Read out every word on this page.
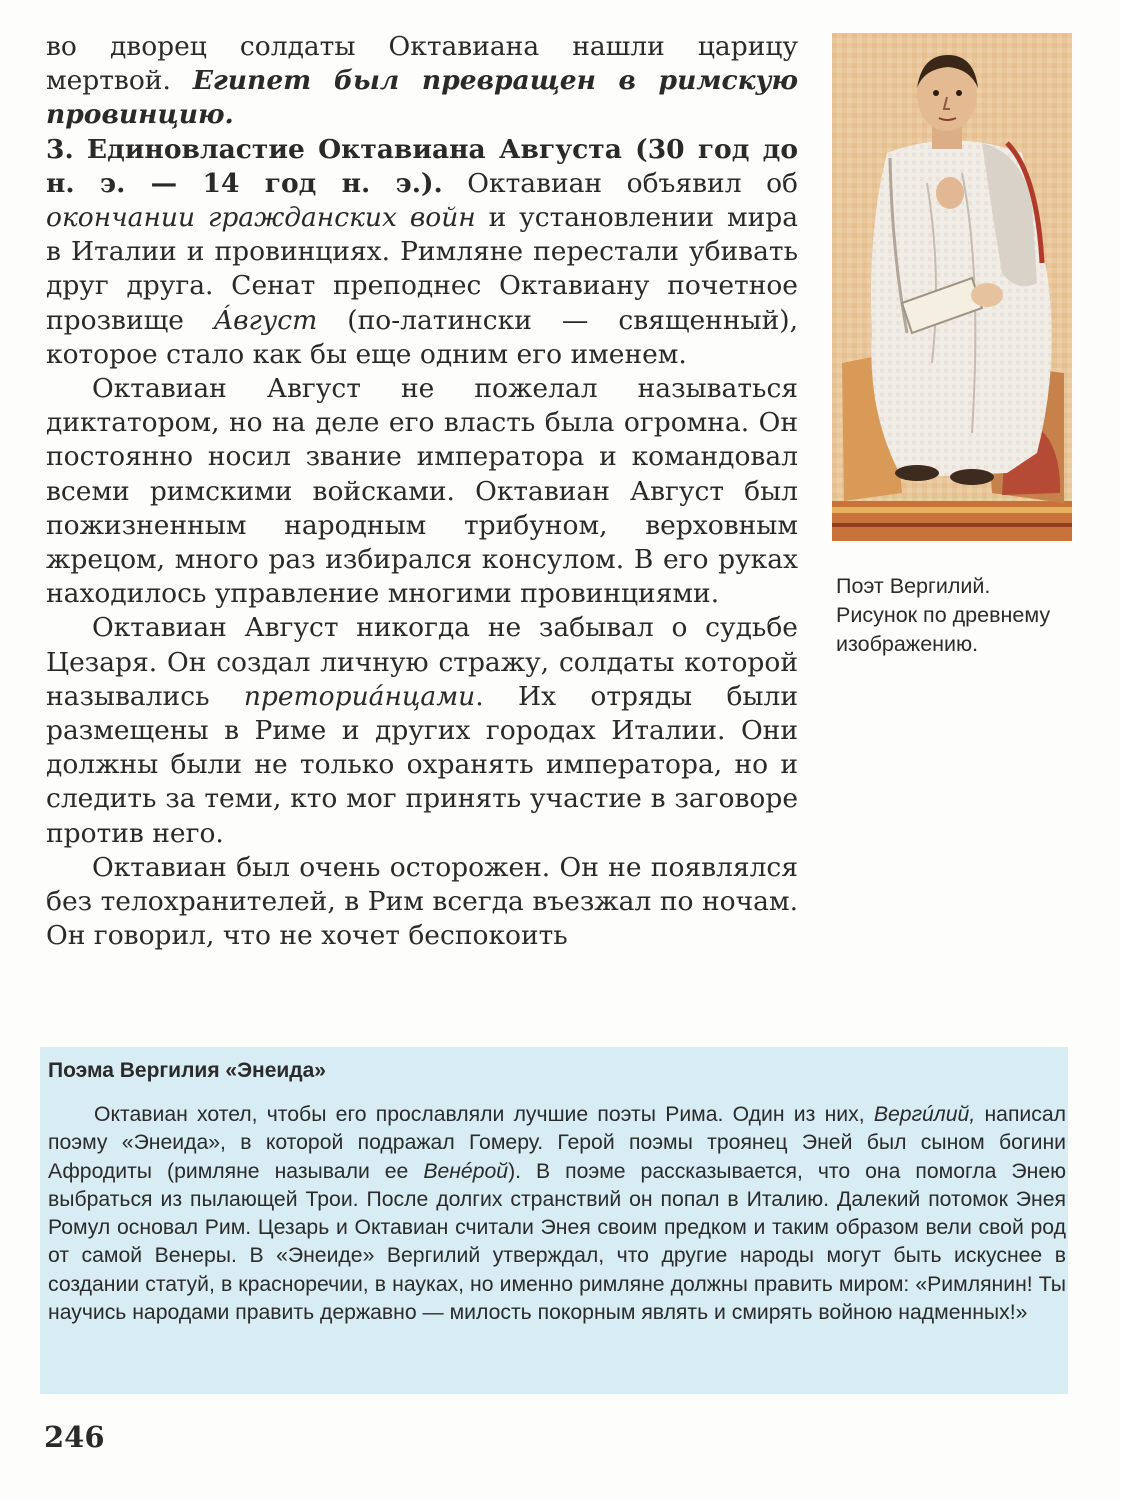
во дворец солдаты Октавиана нашли царицу мертвой. Египет был превращен в римскую провинцию.

3. Единовластие Октавиана Августа (30 год до н. э. — 14 год н. э.). Октавиан объявил об окончании гражданских войн и установлении мира в Италии и провинциях. Римляне перестали убивать друг друга. Сенат преподнес Октавиану почетное прозвище Áвгуст (по-латински — священный), которое стало как бы еще одним его именем.

Октавиан Август не пожелал называться диктатором, но на деле его власть была огромна. Он постоянно носил звание императора и командовал всеми римскими войсками. Октавиан Август был пожизненным народным трибуном, верховным жрецом, много раз избирался консулом. В его руках находилось управление многими провинциями.

Октавиан Август никогда не забывал о судьбе Цезаря. Он создал личную стражу, солдаты которой назывались преториáнцами. Их отряды были размещены в Риме и других городах Италии. Они должны были не только охранять императора, но и следить за теми, кто мог принять участие в заговоре против него.

Октавиан был очень осторожен. Он не появлялся без телохранителей, в Рим всегда въезжал по ночам. Он говорил, что не хочет беспокоить

Поэт Вергилий. Рисунок по древнему изображению.
Поэма Вергилия «Энеида»

Октавиан хотел, чтобы его прославляли лучшие поэты Рима. Один из них, Вергúлий, написал поэму «Энеида», в которой подражал Гомеру. Герой поэмы троянец Эней был сыном богини Афродиты (римляне называли ее Венéрой). В поэме рассказывается, что она помогла Энею выбраться из пылающей Трои. После долгих странствий он попал в Италию. Далекий потомок Энея Ромул основал Рим. Цезарь и Октавиан считали Энея своим предком и таким образом вели свой род от самой Венеры. В «Энеиде» Вергилий утверждал, что другие народы могут быть искуснее в создании статуй, в красноречии, в науках, но именно римляне должны править миром: «Римлянин! Ты научись народами править державно — милость покорным являть и смирять войною надменных!»

246
